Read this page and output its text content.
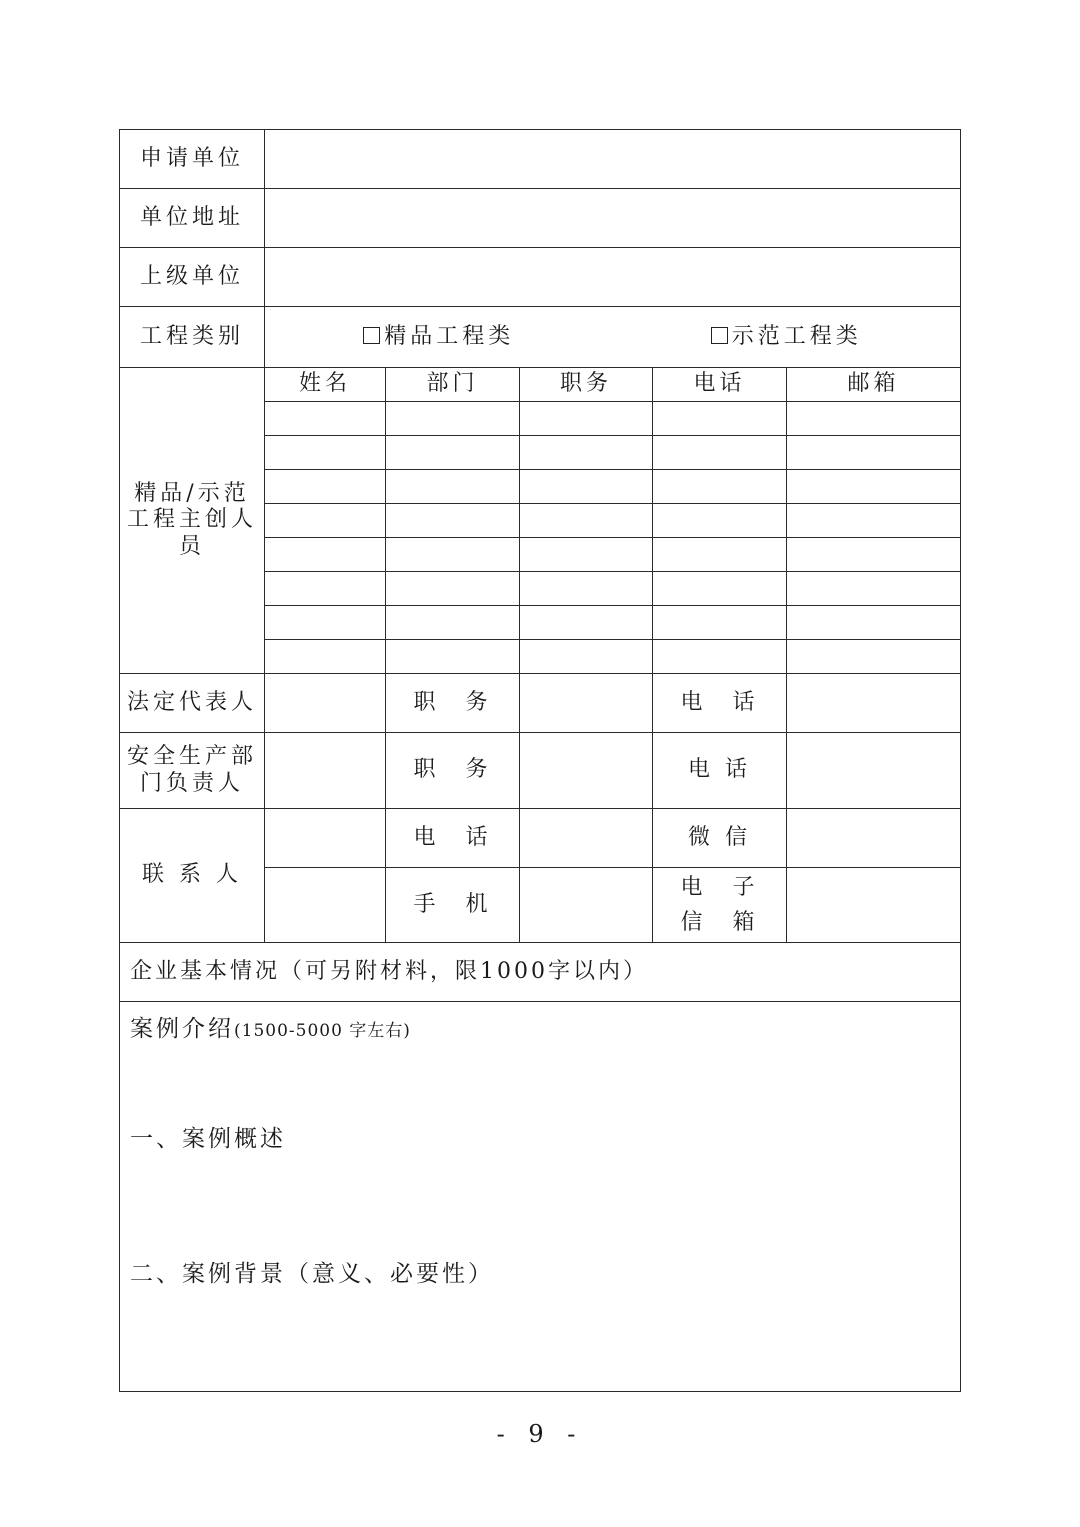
申请单位					
单位地址					
上级单位					
工程类别	精品工程类 示范工程类				

精品/示范工程主创人员	姓名	部门	职务	电话	邮箱

法定代表人		职　务		电　话	
安全生产部门负责人		职　务		电 话	
联 系 人		电　话		微 信	
		手　机		电　子
信　箱	

企业基本情况（可另附材料，限1000字以内）					

案例介绍(1500-5000 字左右)

一、案例概述

二、案例背景（意义、必要性）					

- 9 -
